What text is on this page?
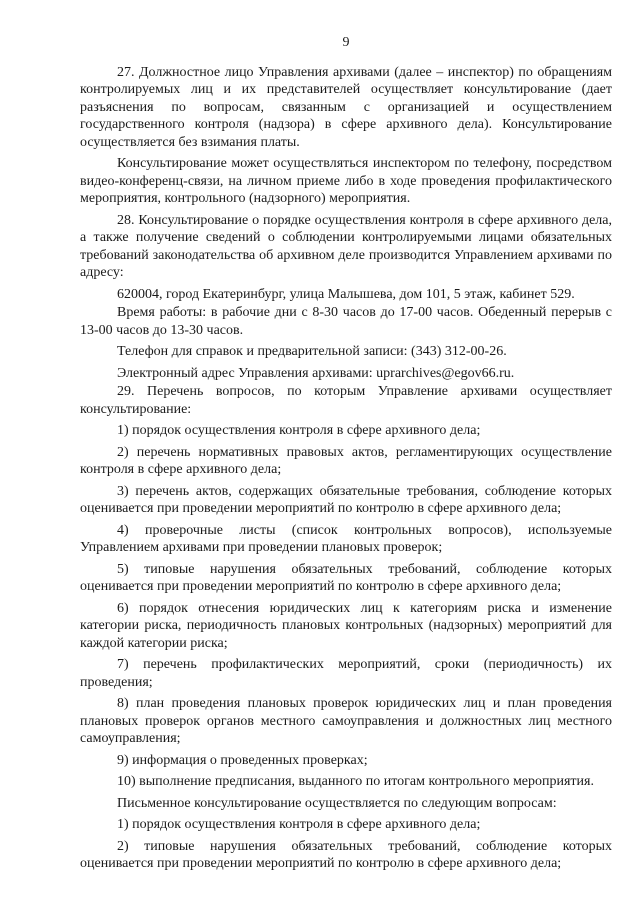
9

27. Должностное лицо Управления архивами (далее – инспектор) по обращениям контролируемых лиц и их представителей осуществляет консультирование (дает разъяснения по вопросам, связанным с организацией и осуществлением государственного контроля (надзора) в сфере архивного дела). Консультирование осуществляется без взимания платы.

Консультирование может осуществляться инспектором по телефону, посредством видео-конференц-связи, на личном приеме либо в ходе проведения профилактического мероприятия, контрольного (надзорного) мероприятия.

28. Консультирование о порядке осуществления контроля в сфере архивного дела, а также получение сведений о соблюдении контролируемыми лицами обязательных требований законодательства об архивном деле производится Управлением архивами по адресу:

620004, город Екатеринбург, улица Малышева, дом 101, 5 этаж, кабинет 529.

Время работы: в рабочие дни с 8-30 часов до 17-00 часов. Обеденный перерыв с 13-00 часов до 13-30 часов.

Телефон для справок и предварительной записи: (343) 312-00-26.

Электронный адрес Управления архивами: uprarchives@egov66.ru.

29. Перечень вопросов, по которым Управление архивами осуществляет консультирование:

1) порядок осуществления контроля в сфере архивного дела;

2) перечень нормативных правовых актов, регламентирующих осуществление контроля в сфере архивного дела;

3) перечень актов, содержащих обязательные требования, соблюдение которых оценивается при проведении мероприятий по контролю в сфере архивного дела;

4) проверочные листы (список контрольных вопросов), используемые Управлением архивами при проведении плановых проверок;

5) типовые нарушения обязательных требований, соблюдение которых оценивается при проведении мероприятий по контролю в сфере архивного дела;

6) порядок отнесения юридических лиц к категориям риска и изменение категории риска, периодичность плановых контрольных (надзорных) мероприятий для каждой категории риска;

7) перечень профилактических мероприятий, сроки (периодичность) их проведения;

8) план проведения плановых проверок юридических лиц и план проведения плановых проверок органов местного самоуправления и должностных лиц местного самоуправления;

9) информация о проведенных проверках;

10) выполнение предписания, выданного по итогам контрольного мероприятия.

Письменное консультирование осуществляется по следующим вопросам:

1) порядок осуществления контроля в сфере архивного дела;

2) типовые нарушения обязательных требований, соблюдение которых оценивается при проведении мероприятий по контролю в сфере архивного дела;
